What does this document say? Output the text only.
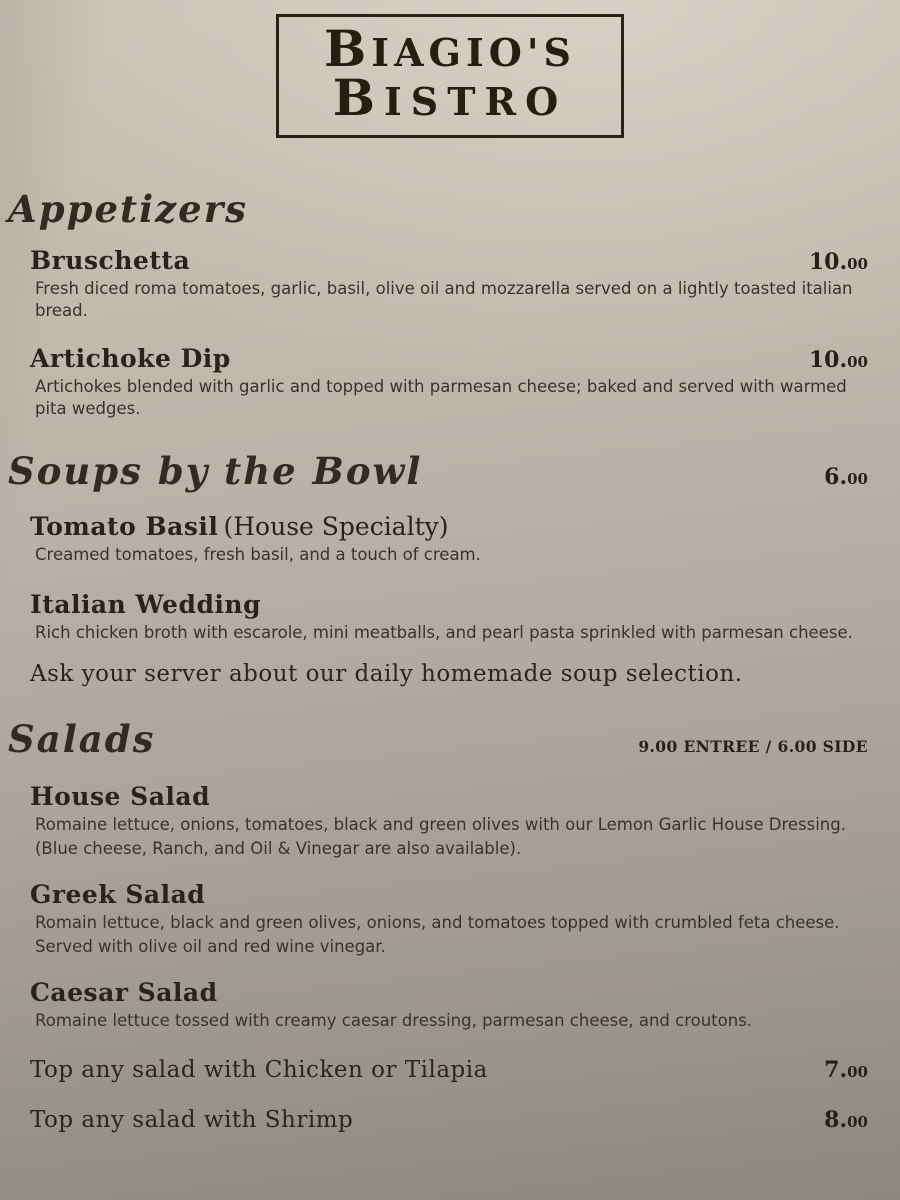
BIAGIO'S
BISTRO
Appetizers
Bruschetta	10.00
Fresh diced roma tomatoes, garlic, basil, olive oil and mozzarella served on a lightly toasted italian bread.
Artichoke Dip	10.00
Artichokes blended with garlic and topped with parmesan cheese; baked and served with warmed pita wedges.
Soups by the Bowl	6.00
Tomato Basil (House Specialty)
Creamed tomatoes, fresh basil, and a touch of cream.
Italian Wedding
Rich chicken broth with escarole, mini meatballs, and pearl pasta sprinkled with parmesan cheese.
Ask your server about our daily homemade soup selection.
Salads	9.00 ENTREE / 6.00 SIDE
House Salad
Romaine lettuce, onions, tomatoes, black and green olives with our Lemon Garlic House Dressing.
(Blue cheese, Ranch, and Oil & Vinegar are also available).
Greek Salad
Romain lettuce, black and green olives, onions, and tomatoes topped with crumbled feta cheese.
Served with olive oil and red wine vinegar.
Caesar Salad
Romaine lettuce tossed with creamy caesar dressing, parmesan cheese, and croutons.
Top any salad with Chicken or Tilapia	7.00
Top any salad with Shrimp	8.00
